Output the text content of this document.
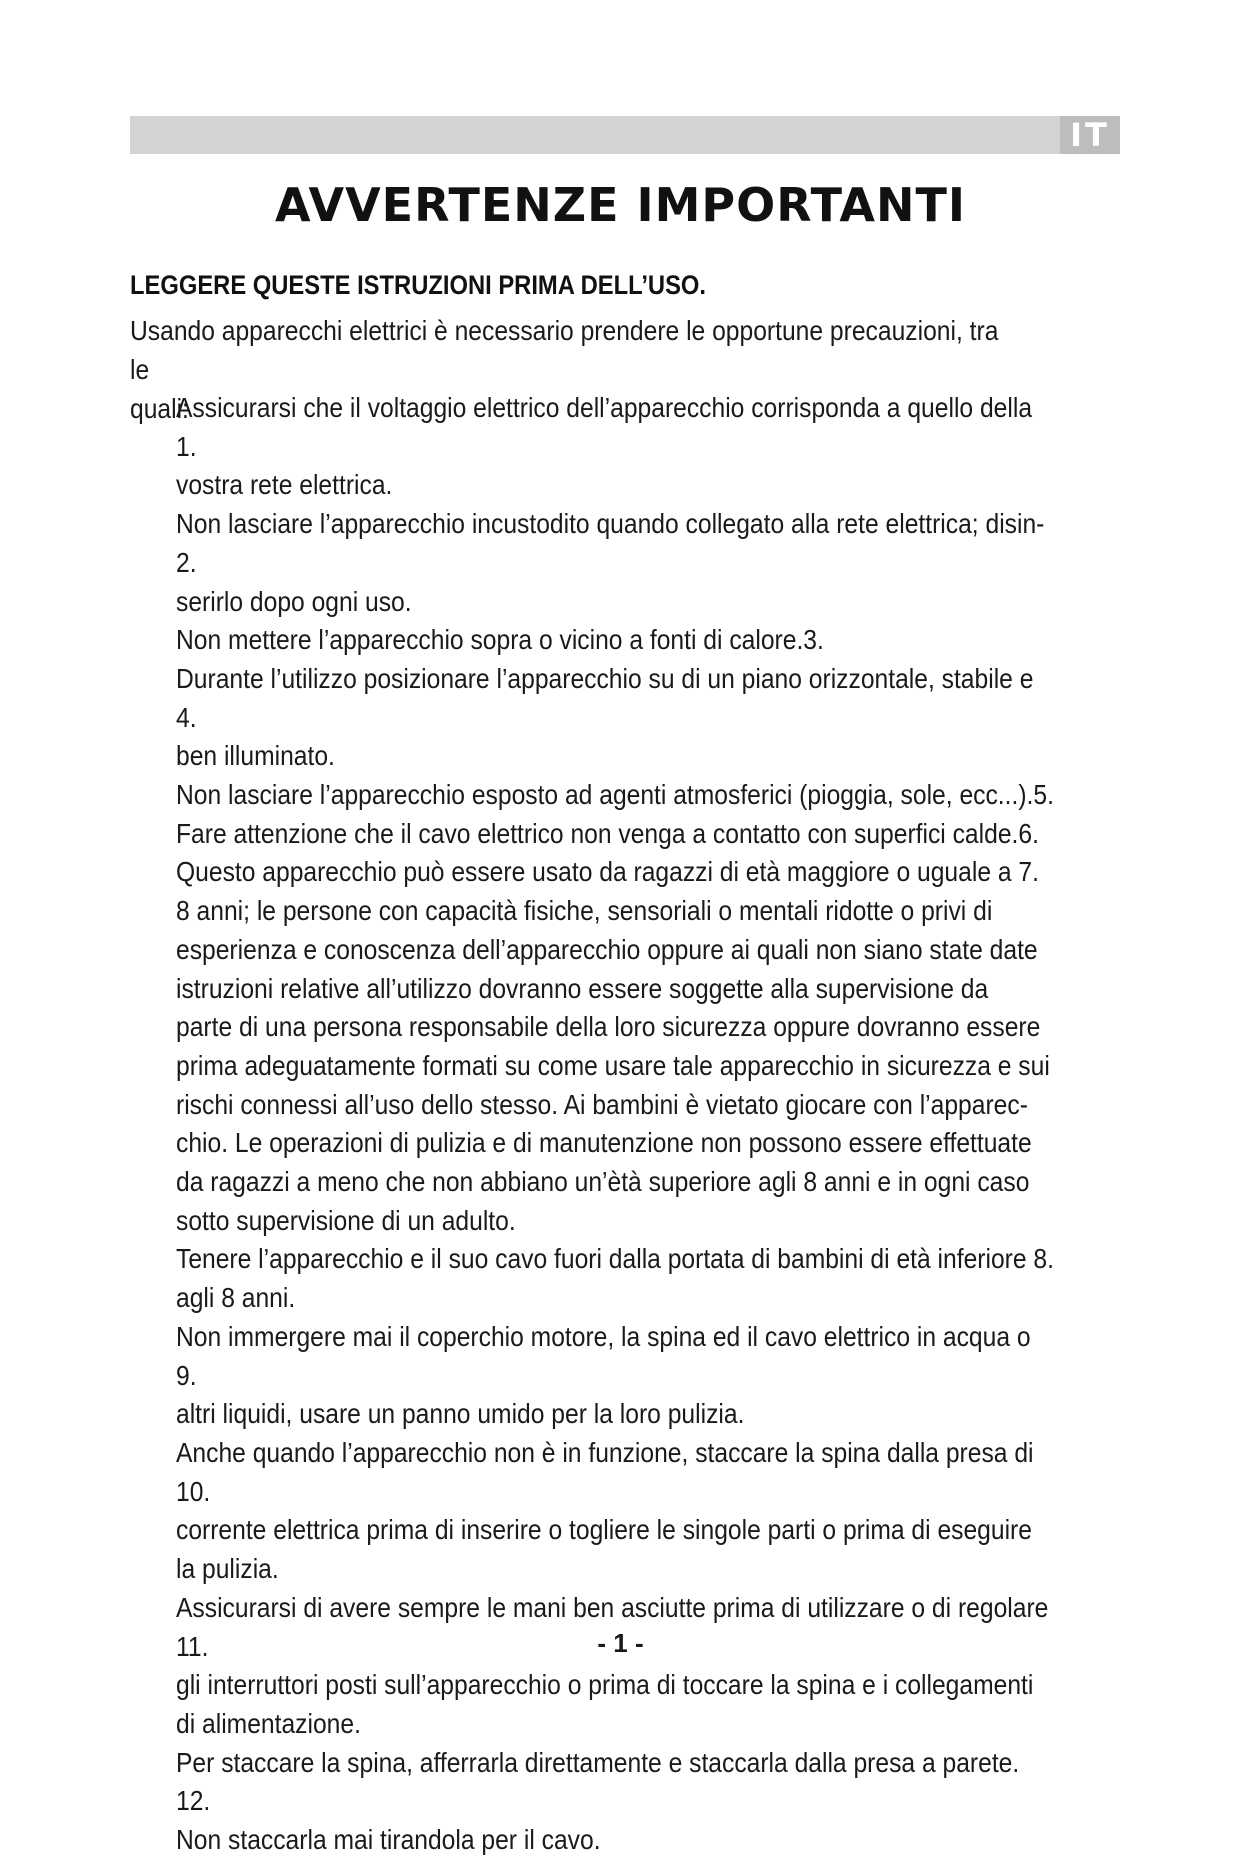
IT
AVVERTENZE IMPORTANTI
LEGGERE QUESTE ISTRUZIONI PRIMA DELL’USO.
Usando apparecchi elettrici è necessario prendere le opportune precauzioni, tra le
quali:
Assicurarsi che il voltaggio elettrico dell’apparecchio corrisponda a quello della 1.
vostra rete elettrica.
Non lasciare l’apparecchio incustodito quando collegato alla rete elettrica; disin-2.
serirlo dopo ogni uso.
Non mettere l’apparecchio sopra o vicino a fonti di calore.3.
Durante l’utilizzo posizionare l’apparecchio su di un piano orizzontale, stabile e 4.
ben illuminato.
Non lasciare l’apparecchio esposto ad agenti atmosferici (pioggia, sole, ecc...).5.
Fare attenzione che il cavo elettrico non venga a contatto con superfici calde.6.
Questo apparecchio può essere usato da ragazzi di età maggiore o uguale a 7.
8 anni; le persone con capacità fisiche, sensoriali o mentali ridotte o privi di
esperienza e conoscenza dell’apparecchio oppure ai quali non siano state date
istruzioni relative all’utilizzo dovranno essere soggette alla supervisione da
parte di una persona responsabile della loro sicurezza oppure dovranno essere
prima adeguatamente formati su come usare tale apparecchio in sicurezza e sui
rischi connessi all’uso dello stesso. Ai bambini è vietato giocare con l’apparec-
chio. Le operazioni di pulizia e di manutenzione non possono essere effettuate
da ragazzi a meno che non abbiano un’ètà superiore agli 8 anni e in ogni caso
sotto supervisione di un adulto.
Tenere l’apparecchio e il suo cavo fuori dalla portata di bambini di età inferiore 8.
agli 8 anni.
Non immergere mai il coperchio motore, la spina ed il cavo elettrico in acqua o 9.
altri liquidi, usare un panno umido per la loro pulizia.
Anche quando l’apparecchio non è in funzione, staccare la spina dalla presa di 10.
corrente elettrica prima di inserire o togliere le singole parti o prima di eseguire
la pulizia.
Assicurarsi di avere sempre le mani ben asciutte prima di utilizzare o di regolare 11.
gli interruttori posti sull’apparecchio o prima di toccare la spina e i collegamenti
di alimentazione.
Per staccare la spina, afferrarla direttamente e staccarla dalla presa a parete. 12.
Non staccarla mai tirandola per il cavo.
- 1 -
